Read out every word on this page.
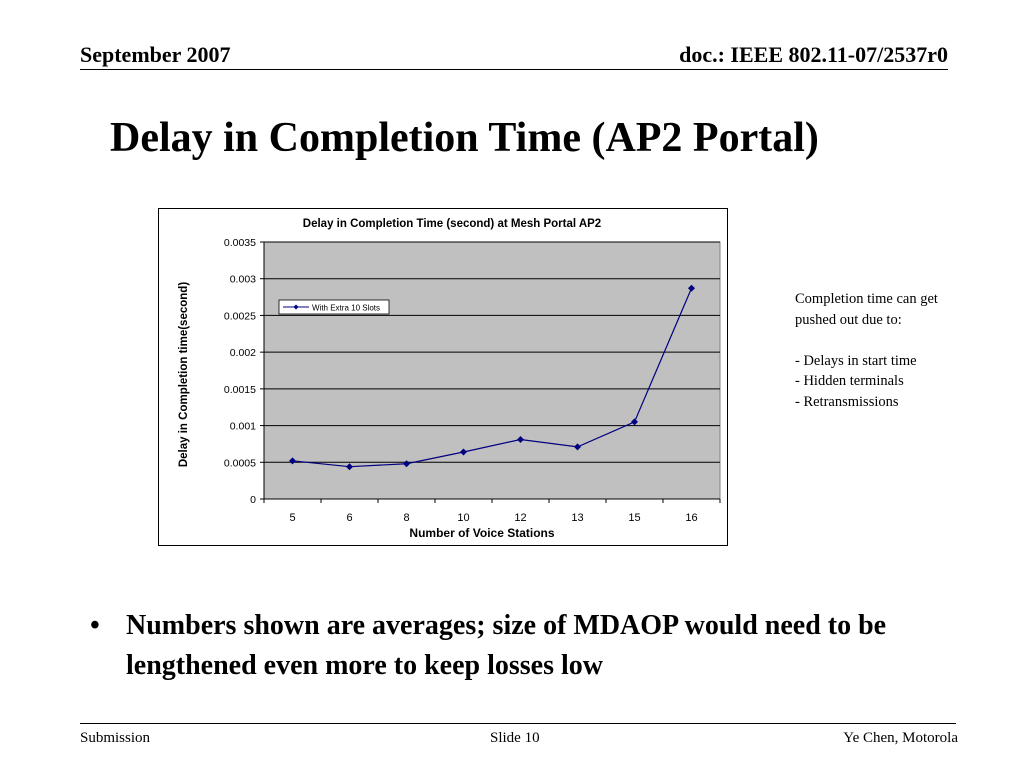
September 2007	doc.: IEEE 802.11-07/2537r0
Delay in Completion Time (AP2 Portal)
Delay in Completion Time (second) at Mesh Portal AP2
0
0.0005
0.001
0.0015
0.002
0.0025
0.003
0.0035
5	6	8	10	12	13	15	16
Number of Voice Stations
Delay in Completion time(second)	With Extra 10 Slots
Completion time can get
pushed out due to:
- Delays in start time
- Hidden terminals
- Retransmissions
• Numbers shown are averages; size of MDAOP would need to be lengthened even more to keep losses low
Submission	Slide 10	Ye Chen, Motorola
